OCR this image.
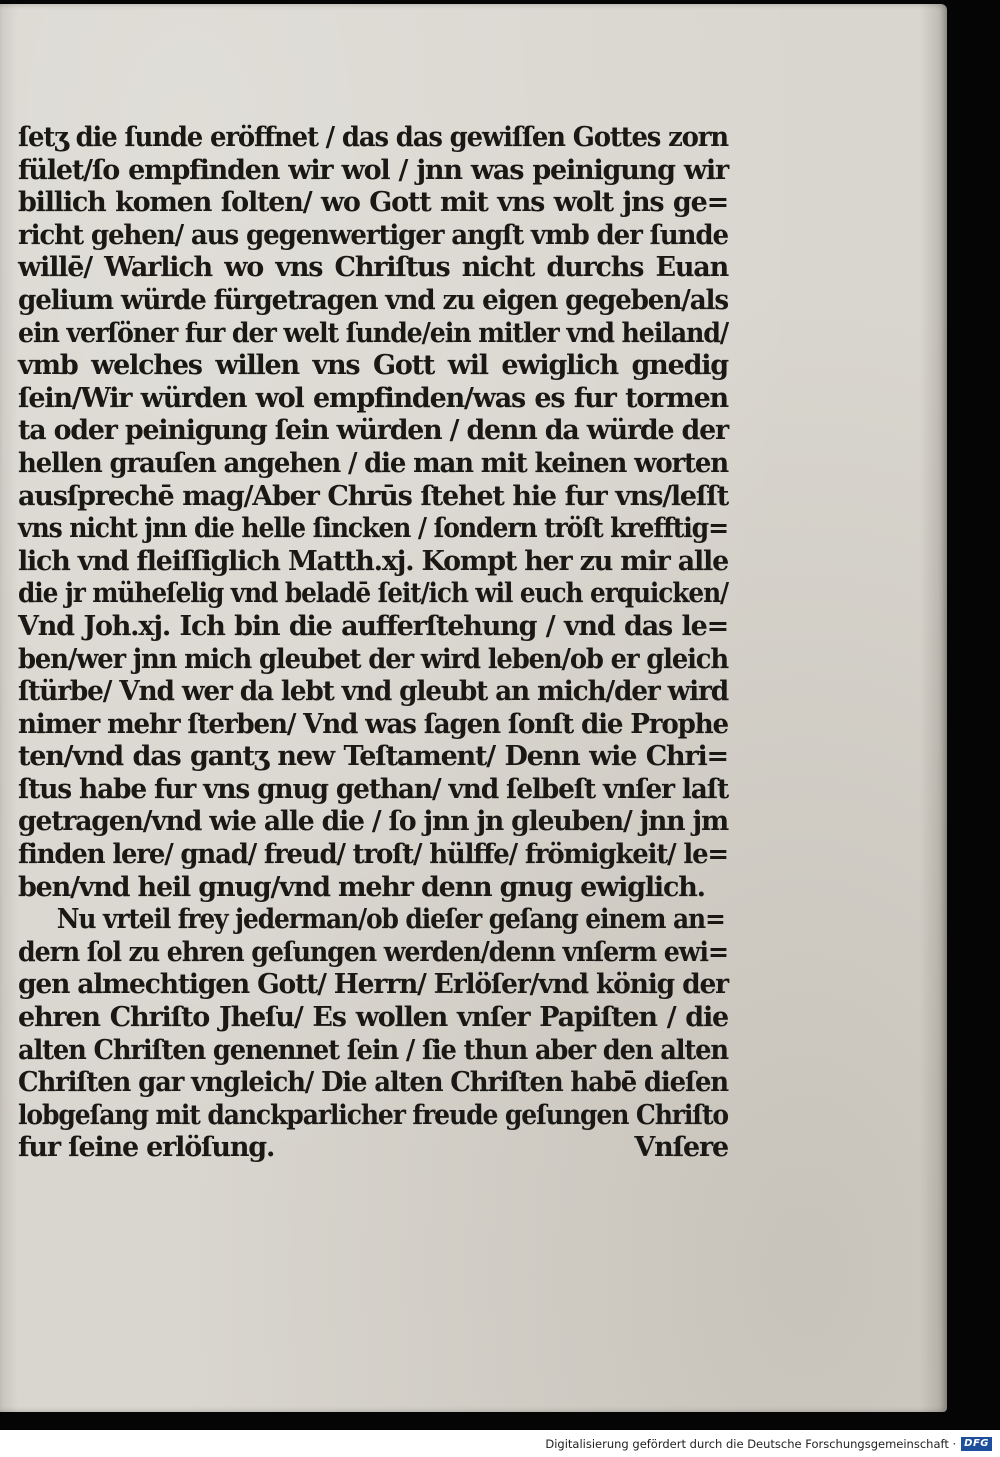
ſetʒ die ſunde eröffnet / das das gewiſſen Gottes zorn
fület/ſo empfinden wir wol / jnn was peinigung wir
billich komen ſolten/ wo Gott mit vns wolt jns ge=
richt gehen/ aus gegenwertiger angſt vmb der ſunde
willē/ Warlich wo vns Chriſtus nicht durchs Euan
gelium würde fürgetragen vnd zu eigen gegeben/als
ein verſöner fur der welt ſunde/ein mitler vnd heiland/
vmb welches willen vns Gott wil ewiglich gnedig
ſein/Wir würden wol empfinden/was es fur tormen
ta oder peinigung ſein würden / denn da würde der
hellen grauſen angehen / die man mit keinen worten
ausſprechē mag/Aber Chrūs ſtehet hie fur vns/leſſt
vns nicht jnn die helle ſincken / ſondern tröſt krefftig=
lich vnd fleiſſiglich Matth.xj. Kompt her zu mir alle
die jr müheſelig vnd beladē ſeit/ich wil euch erquicken/
Vnd Joh.xj. Ich bin die aufferſtehung / vnd das le=
ben/wer jnn mich gleubet der wird leben/ob er gleich
ſtürbe/ Vnd wer da lebt vnd gleubt an mich/der wird
nimer mehr ſterben/ Vnd was ſagen ſonſt die Prophe
ten/vnd das gantʒ new Teſtament/ Denn wie Chri=
ſtus habe fur vns gnug gethan/ vnd ſelbeſt vnſer laſt
getragen/vnd wie alle die / ſo jnn jn gleuben/ jnn jm
finden lere/ gnad/ freud/ troſt/ hülffe/ frömigkeit/ le=
ben/vnd heil gnug/vnd mehr denn gnug ewiglich.
Nu vrteil frey jederman/ob dieſer geſang einem an=
dern ſol zu ehren geſungen werden/denn vnſerm ewi=
gen almechtigen Gott/ Herrn/ Erlöſer/vnd könig der
ehren Chriſto Jheſu/ Es wollen vnſer Papiſten / die
alten Chriſten genennet ſein / ſie thun aber den alten
Chriſten gar vngleich/ Die alten Chriſten habē dieſen
lobgeſang mit danckparlicher freude geſungen Chriſto
fur ſeine erlöſung.	Vnſere
Digitalisierung gefördert durch die Deutsche Forschungsgemeinschaft · DFG
